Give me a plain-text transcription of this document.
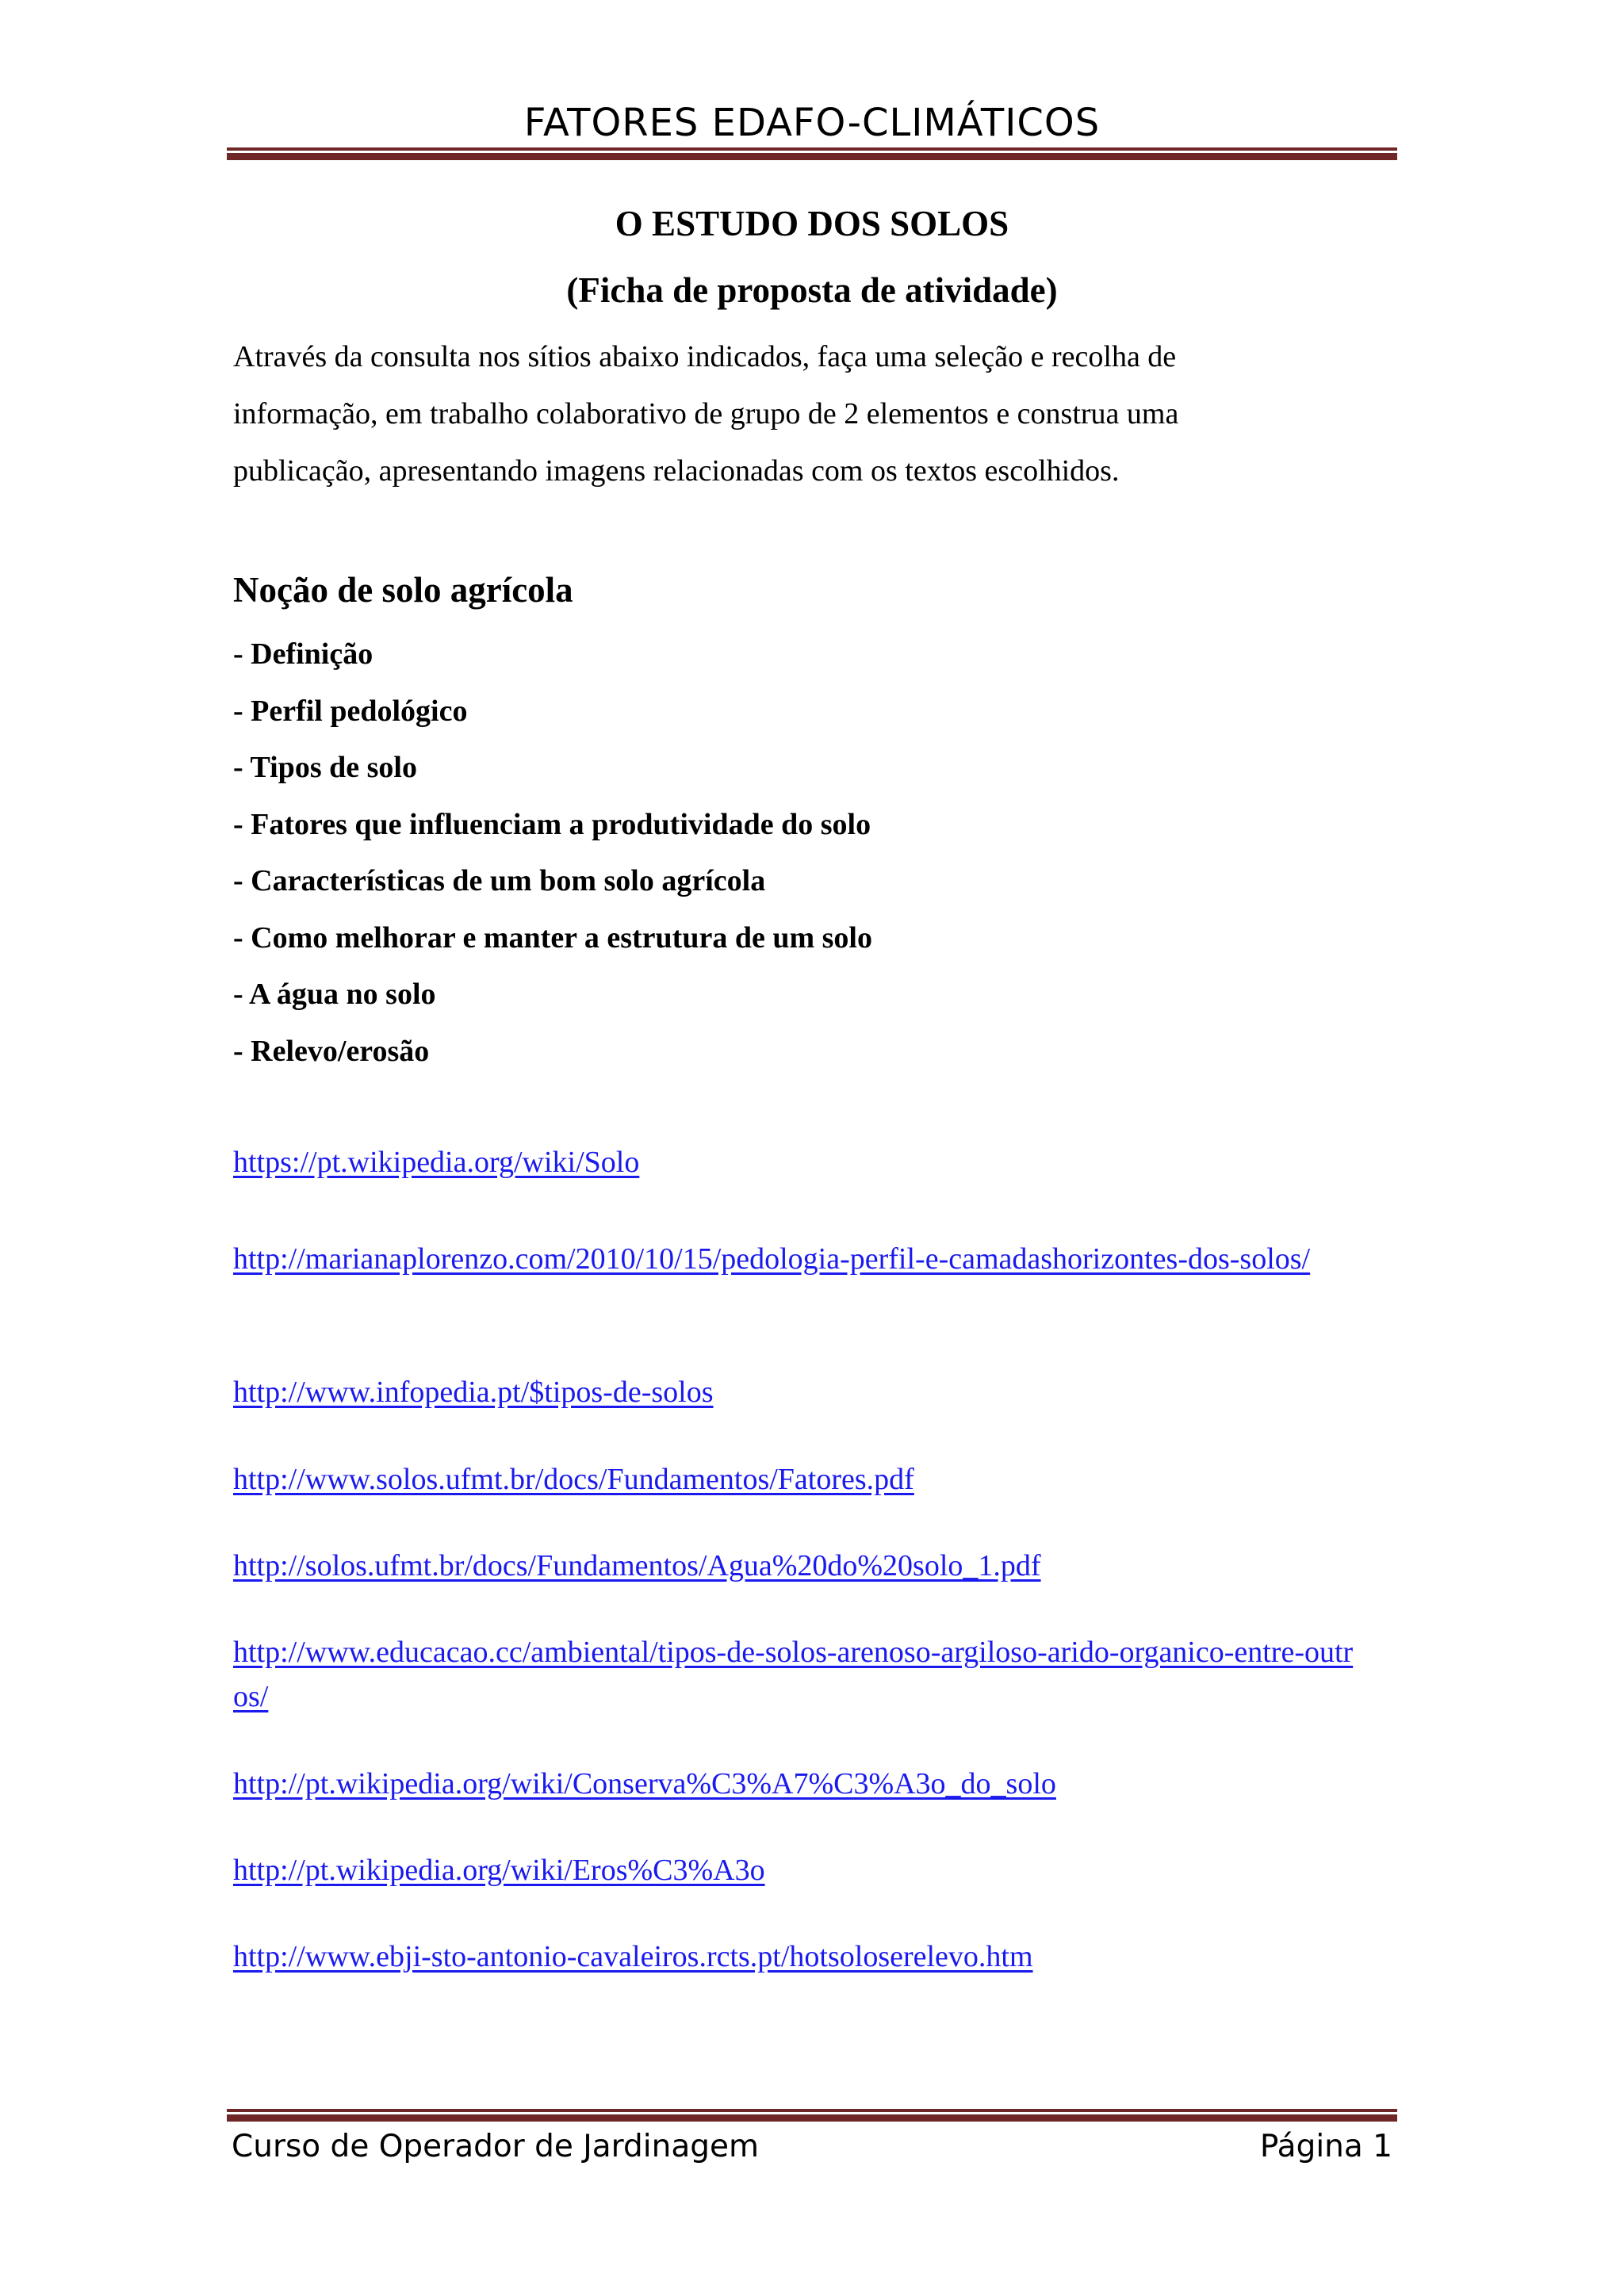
FATORES EDAFO-CLIMÁTICOS
O ESTUDO DOS SOLOS
(Ficha de proposta de atividade)
Através da consulta nos sítios abaixo indicados, faça uma seleção e recolha de
informação, em trabalho colaborativo de grupo de 2 elementos e construa uma
publicação, apresentando imagens relacionadas com os textos escolhidos.
Noção de solo agrícola
- Definição
- Perfil pedológico
- Tipos de solo
- Fatores que influenciam a produtividade do solo
- Características de um bom solo agrícola
- Como melhorar e manter a estrutura de um solo
- A água no solo
- Relevo/erosão
https://pt.wikipedia.org/wiki/Solo
http://marianaplorenzo.com/2010/10/15/pedologia-perfil-e-camadashorizontes-dos-solos/
http://www.infopedia.pt/$tipos-de-solos
http://www.solos.ufmt.br/docs/Fundamentos/Fatores.pdf
http://solos.ufmt.br/docs/Fundamentos/Agua%20do%20solo_1.pdf
http://www.educacao.cc/ambiental/tipos-de-solos-arenoso-argiloso-arido-organico-entre-outros/
http://pt.wikipedia.org/wiki/Conserva%C3%A7%C3%A3o_do_solo
http://pt.wikipedia.org/wiki/Eros%C3%A3o
http://www.ebji-sto-antonio-cavaleiros.rcts.pt/hotsoloserelevo.htm
Curso de Operador de Jardinagem	Página 1
